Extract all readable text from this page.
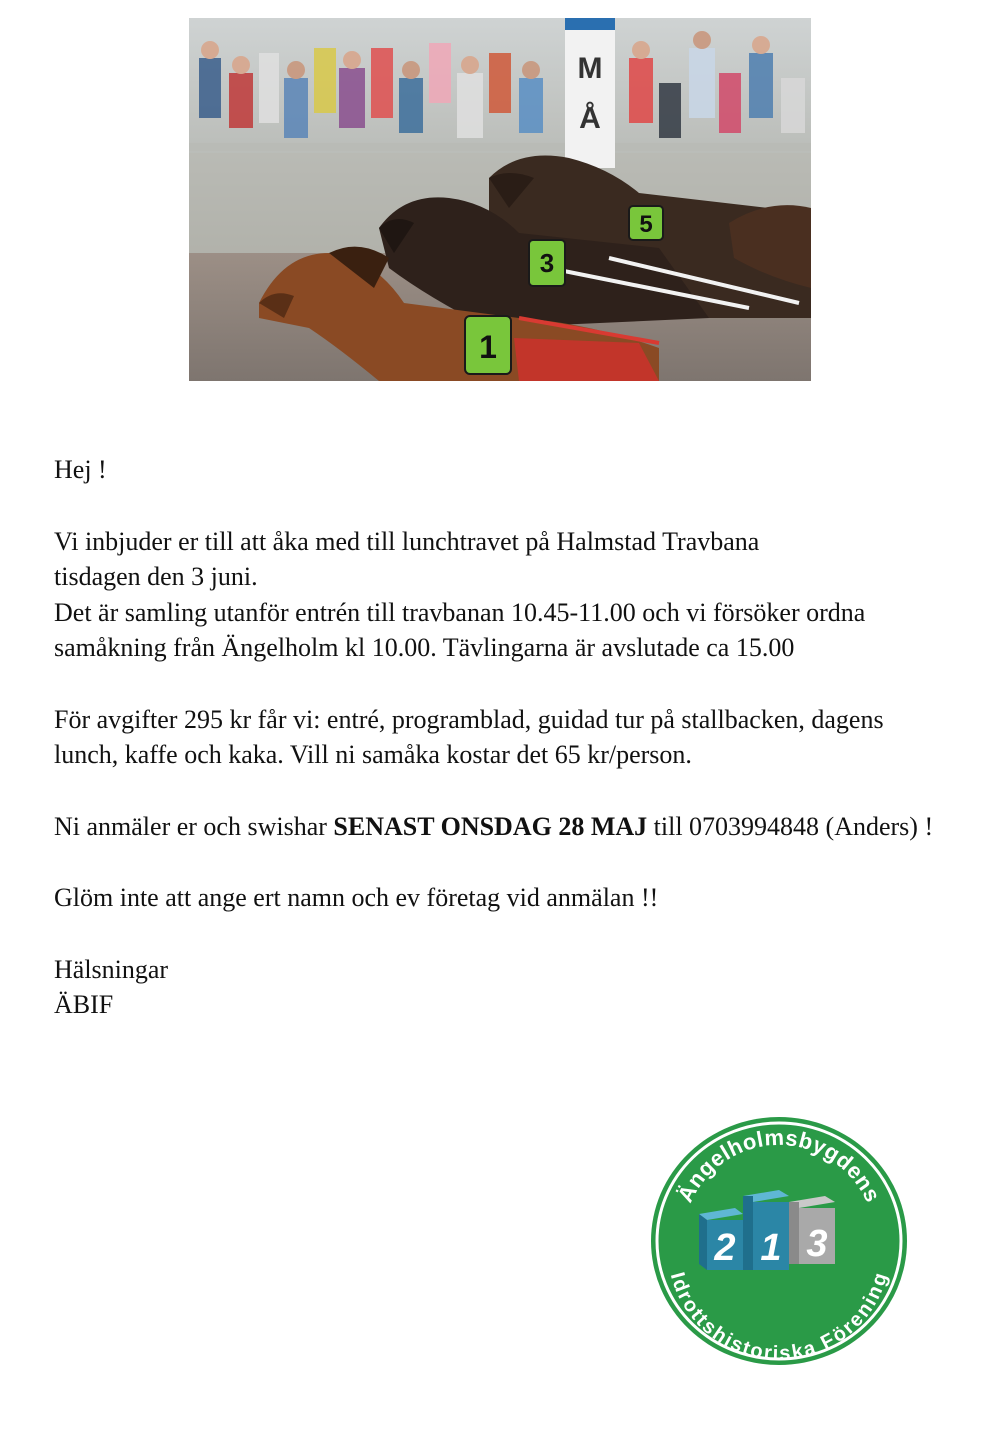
M
Å
1
3
5

Hej !

Vi inbjuder er till att åka med till lunchtravet på Halmstad Travbana
tisdagen den 3 juni.
Det är samling utanför entrén till travbanan 10.45-11.00 och vi försöker ordna samåkning från Ängelholm kl 10.00. Tävlingarna är avslutade ca 15.00

För avgifter 295 kr får vi: entré, programblad, guidad tur på stallbacken, dagens lunch, kaffe och kaka. Vill ni samåka kostar det 65 kr/person.

Ni anmäler er och swishar SENAST ONSDAG 28 MAJ till 0703994848 (Anders) !

Glöm inte att ange ert namn och ev företag vid anmälan !!

Hälsningar

ÄBIF

Ängelholmsbygdens
Idrottshistoriska Förening
2 1 3
